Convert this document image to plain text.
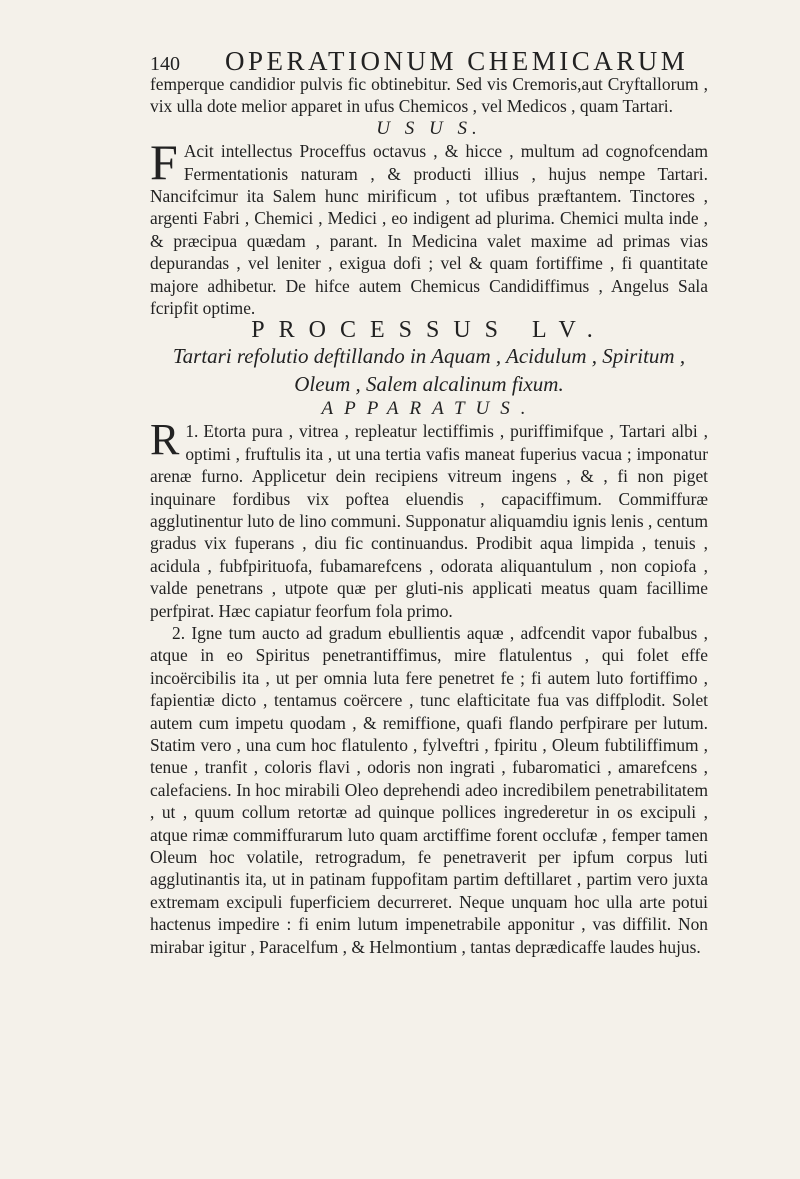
140	OPERATIONUM CHEMICARUM

femperque candidior pulvis fic obtinebitur. Sed vis Cremoris,aut Cryftallorum , vix ulla dote melior apparet in ufus Chemicos , vel Medicos , quam Tartari.

U S U S.

F Acit intellectus Proceffus octavus , & hicce , multum ad cognofcendam Fermentationis naturam , & producti illius , hujus nempe Tartari. Nancifcimur ita Salem hunc mirificum , tot ufibus præftantem. Tinctores , argenti Fabri , Chemici , Medici , eo indigent ad plurima. Chemici multa inde , & præcipua quædam , parant. In Medicina valet maxime ad primas vias depurandas , vel leniter , exigua dofi ; vel & quam fortiffime , fi quantitate majore adhibetur. De hifce autem Chemicus Candidiffimus , Angelus Sala fcripfit optime.

PROCESSUS LV.

Tartari refolutio deftillando in Aquam , Acidulum , Spiritum , Oleum , Salem alcalinum fixum.

APPARATUS.

1.
R Etorta pura , vitrea , repleatur lectiffimis , puriffimifque , Tartari albi , optimi , fruftulis ita , ut una tertia vafis maneat fuperius vacua ; imponatur arenæ furno. Applicetur dein recipiens vitreum ingens , & , fi non piget inquinare fordibus vix poftea eluendis , capaciffimum. Commiffuræ agglutinentur luto de lino communi. Supponatur aliquamdiu ignis lenis , centum gradus vix fuperans , diu fic continuandus. Prodibit aqua limpida , tenuis , acidula , fubfpirituofa, fubamarefcens , odorata aliquantulum , non copiofa , valde penetrans , utpote quæ per gluti-nis applicati meatus quam facillime perfpirat. Hæc capiatur feorfum fola primo.

2. Igne tum aucto ad gradum ebullientis aquæ , adfcendit vapor fubalbus , atque in eo Spiritus penetrantiffimus, mire flatulentus , qui folet effe incoërcibilis ita , ut per omnia luta fere penetret fe ; fi autem luto fortiffimo , fapientiæ dicto , tentamus coërcere , tunc elafticitate fua vas diffplodit. Solet autem cum impetu quodam , & remiffione, quafi flando perfpirare per lutum. Statim vero , una cum hoc flatulento , fylveftri , fpiritu , Oleum fubtiliffimum , tenue , tranfit , coloris flavi , odoris non ingrati , fubaromatici , amarefcens , calefaciens. In hoc mirabili Oleo deprehendi adeo incredibilem penetrabilitatem , ut , quum collum retortæ ad quinque pollices ingrederetur in os excipuli , atque rimæ commiffurarum luto quam arctiffime forent occlufæ , femper tamen Oleum hoc volatile, retrogradum, fe penetraverit per ipfum corpus luti agglutinantis ita, ut in patinam fuppofitam partim deftillaret , partim vero juxta extremam excipuli fuperficiem decurreret. Neque unquam hoc ulla arte potui hactenus impedire : fi enim lutum impenetrabile apponitur , vas diffilit. Non mirabar igitur , Paracelfum , & Helmontium , tantas deprædicaffe laudes hujus.
